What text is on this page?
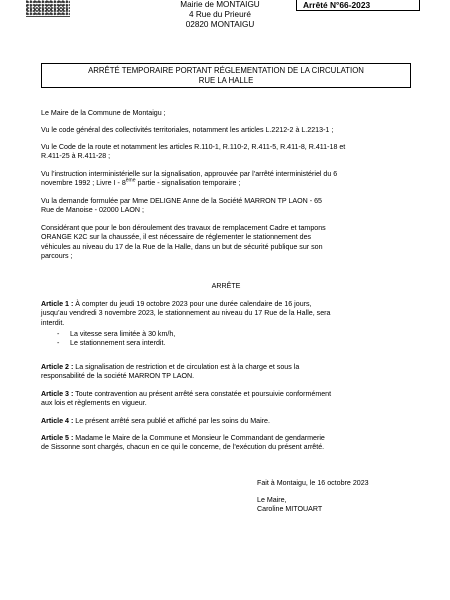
Mairie de MONTAIGU
4 Rue du Prieuré
02820 MONTAIGU
Arrêté N°66-2023
ARRÊTÉ TEMPORAIRE PORTANT RÉGLEMENTATION DE LA CIRCULATION
RUE LA HALLE

Le Maire de la Commune de Montaigu ;

Vu le code général des collectivités territoriales, notamment les articles L.2212-2 à L.2213-1 ;

Vu le Code de la route et notamment les articles R.110-1, R.110-2, R.411-5, R.411-8, R.411-18 et
R.411-25 à R.411-28 ;
Vu l’instruction interministérielle sur la signalisation, approuvée par l’arrêté interministériel du 6
novembre 1992 ; Livre I - 8ème partie - signalisation temporaire ;
Vu la demande formulée par Mme DELIGNE Anne de la Société MARRON TP LAON - 65
Rue de Manoise - 02000 LAON ;
Considérant que pour le bon déroulement des travaux de remplacement Cadre et tampons
ORANGE K2C sur la chaussée, il est nécessaire de réglementer le stationnement des
véhicules au niveau du 17 de la Rue de la Halle, dans un but de sécurité publique sur son
parcours ;
ARRÊTE
Article 1 : À compter du jeudi 19 octobre 2023 pour une durée calendaire de 16 jours,
jusqu’au vendredi 3 novembre 2023, le stationnement au niveau du 17 Rue de la Halle, sera
interdit.
- La vitesse sera limitée à 30 km/h,
- Le stationnement sera interdit.
Article 2 : La signalisation de restriction et de circulation est à la charge et sous la
responsabilité de la société MARRON TP LAON.
Article 3 : Toute contravention au présent arrêté sera constatée et poursuivie conformément
aux lois et règlements en vigueur.
Article 4 : Le présent arrêté sera publié et affiché par les soins du Maire.
Article 5 : Madame le Maire de la Commune et Monsieur le Commandant de gendarmerie
de Sissonne sont chargés, chacun en ce qui le concerne, de l’exécution du présent arrêté.
Fait à Montaigu, le 16 octobre 2023
Le Maire,
Caroline MITOUART
